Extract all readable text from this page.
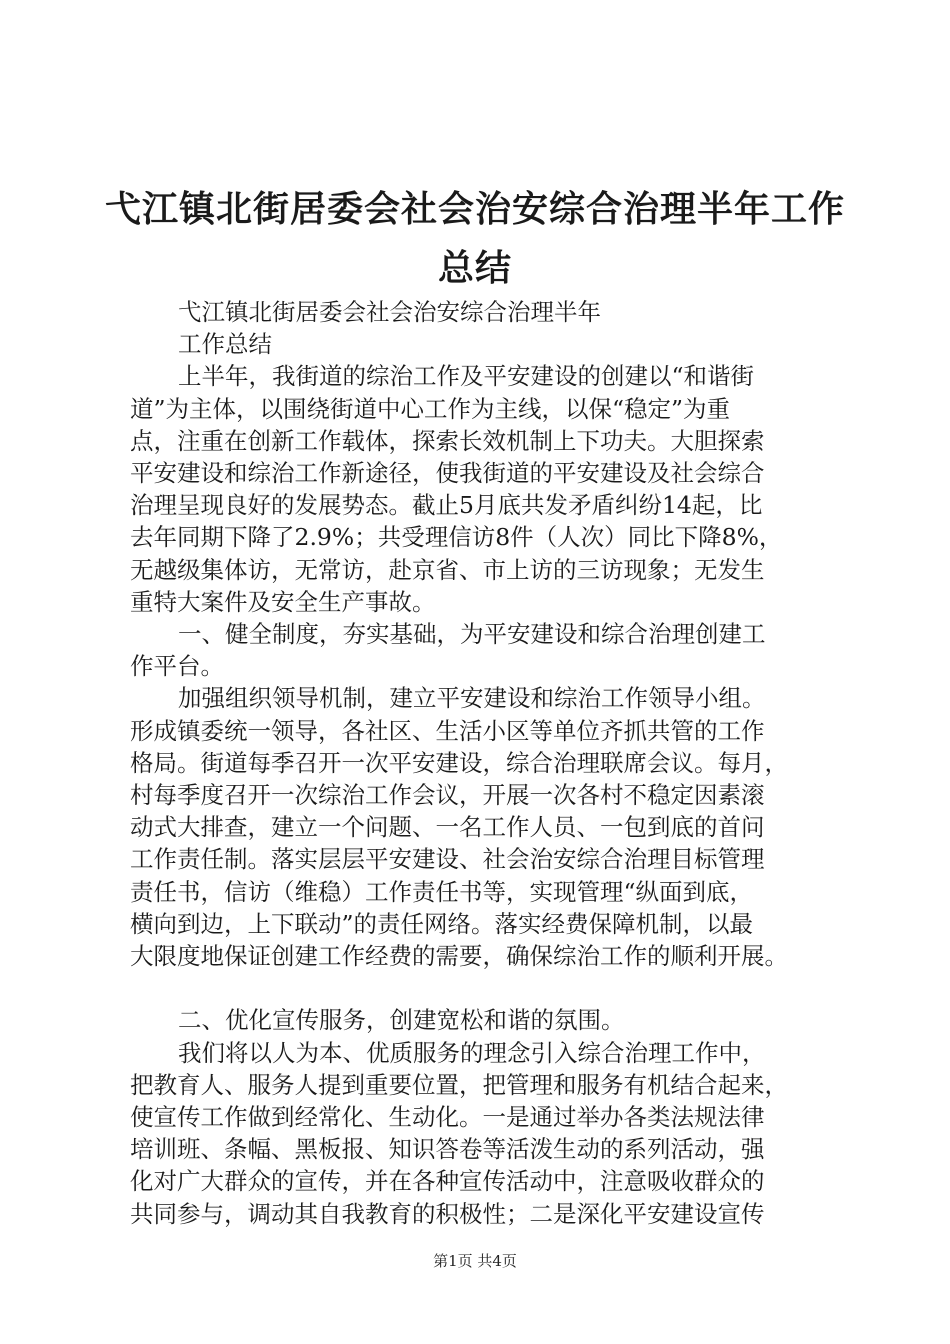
弋江镇北街居委会社会治安综合治理半年工作
总结
弋江镇北街居委会社会治安综合治理半年
工作总结
上半年，我街道的综治工作及平安建设的创建以“和谐街
道”为主体，以围绕街道中心工作为主线，以保“稳定”为重
点，注重在创新工作载体，探索长效机制上下功夫。大胆探索
平安建设和综治工作新途径，使我街道的平安建设及社会综合
治理呈现良好的发展势态。截止5月底共发矛盾纠纷14起，比
去年同期下降了2.9%；共受理信访8件（人次）同比下降8%，
无越级集体访，无常访，赴京省、市上访的三访现象；无发生
重特大案件及安全生产事故。
一、健全制度，夯实基础，为平安建设和综合治理创建工
作平台。
加强组织领导机制，建立平安建设和综治工作领导小组。
形成镇委统一领导，各社区、生活小区等单位齐抓共管的工作
格局。街道每季召开一次平安建设，综合治理联席会议。每月，
村每季度召开一次综治工作会议，开展一次各村不稳定因素滚
动式大排查，建立一个问题、一名工作人员、一包到底的首问
工作责任制。落实层层平安建设、社会治安综合治理目标管理
责任书，信访（维稳）工作责任书等，实现管理“纵面到底，
横向到边，上下联动”的责任网络。落实经费保障机制，以最
大限度地保证创建工作经费的需要，确保综治工作的顺利开展。
二、优化宣传服务，创建宽松和谐的氛围。
我们将以人为本、优质服务的理念引入综合治理工作中，
把教育人、服务人提到重要位置，把管理和服务有机结合起来，
使宣传工作做到经常化、生动化。一是通过举办各类法规法律
培训班、条幅、黑板报、知识答卷等活泼生动的系列活动，强
化对广大群众的宣传，并在各种宣传活动中，注意吸收群众的
共同参与，调动其自我教育的积极性；二是深化平安建设宣传
第1页 共4页
